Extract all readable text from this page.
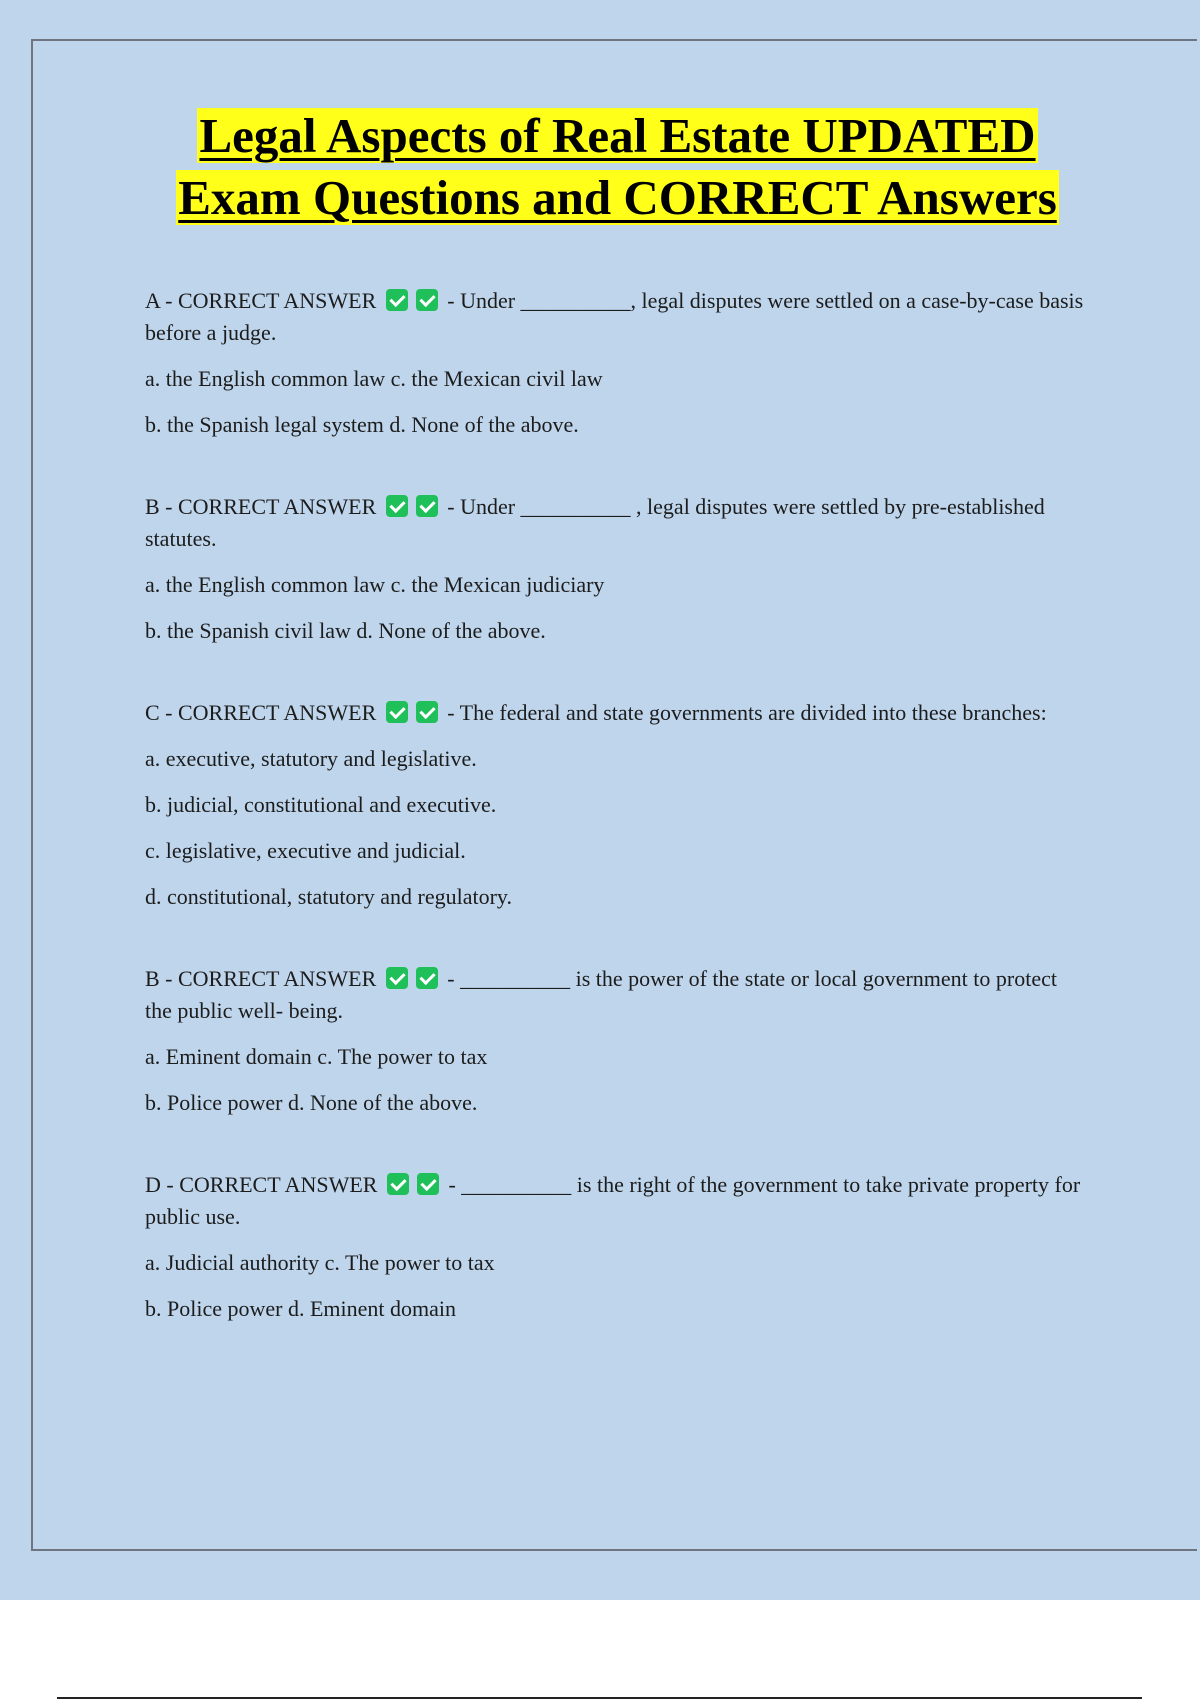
Legal Aspects of Real Estate UPDATED
Exam Questions and CORRECT Answers

A - CORRECT ANSWER	- Under __________, legal disputes were settled on a case-by-case basis before a judge.

a. the English common law c. the Mexican civil law

b. the Spanish legal system d. None of the above.

B - CORRECT ANSWER	- Under __________ , legal disputes were settled by pre-established statutes.

a. the English common law c. the Mexican judiciary

b. the Spanish civil law d. None of the above.

C - CORRECT ANSWER	- The federal and state governments are divided into these branches:

a. executive, statutory and legislative.

b. judicial, constitutional and executive.

c. legislative, executive and judicial.

d. constitutional, statutory and regulatory.

B - CORRECT ANSWER	- __________ is the power of the state or local government to protect the public well- being.

a. Eminent domain c. The power to tax

b. Police power d. None of the above.

D - CORRECT ANSWER	- __________ is the right of the government to take private property for public use.

a. Judicial authority c. The power to tax

b. Police power d. Eminent domain
